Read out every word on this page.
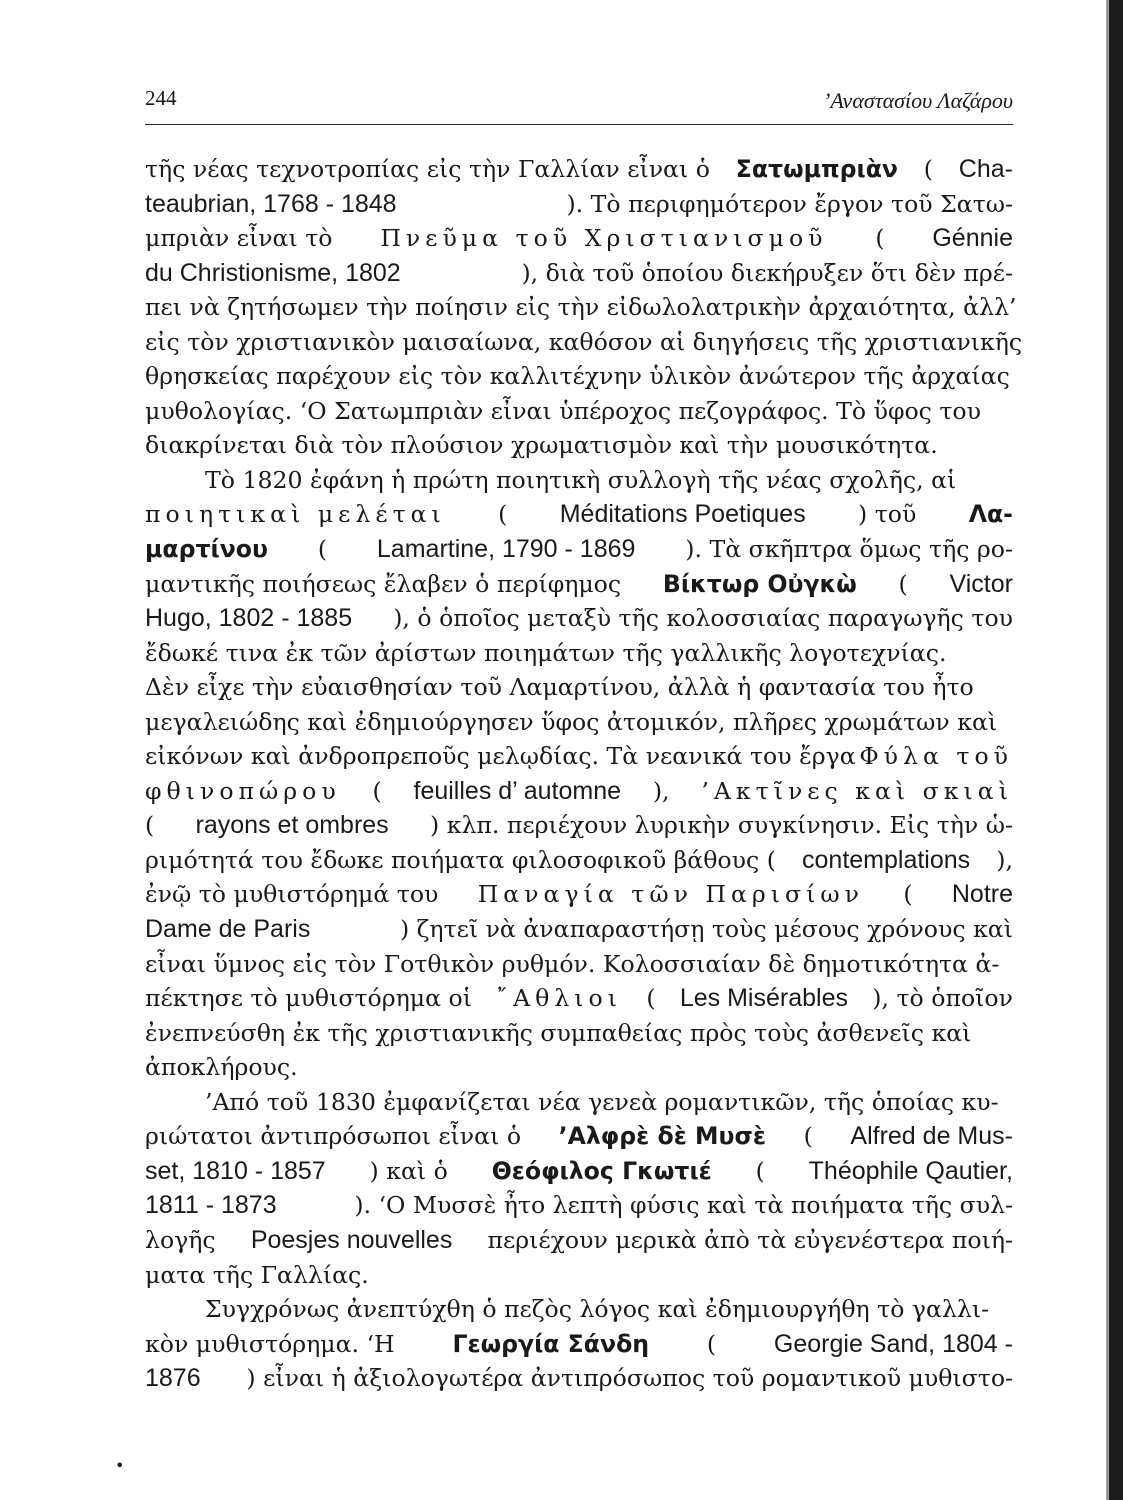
244	’Αναστασίου Λαζάρου
τῆς νέας τεχνοτροπίας εἰς τὴν Γαλλίαν εἶναι ὁ Σατωμπριὰν ( Cha-
teaubrian, 1768 - 1848	). Τὸ περιφημότερον ἔργον τοῦ Σατω-
μπριὰν εἶναι τὸ Πνεῦμα τοῦ Χριστιανισμοῦ ( Génnie
du Christionisme, 1802	), διὰ τοῦ ὁποίου διεκήρυξεν ὅτι δὲν πρέ-
πει νὰ ζητήσωμεν τὴν ποίησιν εἰς τὴν εἰδωλολατρικὴν ἀρχαιότητα, ἀλλ’
εἰς τὸν χριστιανικὸν μαισαίωνα, καθόσον αἱ διηγήσεις τῆς χριστιανικῆς
θρησκείας παρέχουν εἰς τὸν καλλιτέχνην ὑλικὸν ἀνώτερον τῆς ἀρχαίας
μυθολογίας. ‘Ο Σατωμπριὰν εἶναι ὑπέροχος πεζογράφος. Τὸ ὕφος του
διακρίνεται διὰ τὸν πλούσιον χρωματισμὸν καὶ τὴν μουσικότητα.
Τὸ 1820 ἐφάνη ἡ πρώτη ποιητικὴ συλλογὴ τῆς νέας σχολῆς, αἱ
ποιητικαὶ μελέται ( Méditations Poetiques ) τοῦ Λα-
μαρτίνου ( Lamartine, 1790 - 1869 ). Τὰ σκῆπτρα ὅμως τῆς ρο-
μαντικῆς ποιήσεως ἔλαβεν ὁ περίφημος Βίκτωρ Οὐγκὼ ( Victor
Hugo, 1802 - 1885 ), ὁ ὁποῖος μεταξὺ τῆς κολοσσιαίας παραγωγῆς του
ἔδωκέ τινα ἐκ τῶν ἀρίστων ποιημάτων τῆς γαλλικῆς λογοτεχνίας.
Δὲν εἶχε τὴν εὐαισθησίαν τοῦ Λαμαρτίνου, ἀλλὰ ἡ φαντασία του ἦτο
μεγαλειώδης καὶ ἐδημιούργησεν ὕφος ἀτομικόν, πλῆρες χρωμάτων καὶ
εἰκόνων καὶ ἀνδροπρεποῦς μελῳδίας. Τὰ νεανικά του ἔργα Φύλα τοῦ
φθινοπώρου ( feuilles d’ automne ), ’Ακτῖνες καὶ σκιαὶ
( rayons et ombres ) κλπ. περιέχουν λυρικὴν συγκίνησιν. Εἰς τὴν ὡ-
ριμότητά του ἔδωκε ποιήματα φιλοσοφικοῦ βάθους ( contemplations ),
ἐνῷ τὸ μυθιστόρημά του Παναγία τῶν Παρισίων ( Notre
Dame de Paris	) ζητεῖ νὰ ἀναπαραστήσῃ τοὺς μέσους χρόνους καὶ
εἶναι ὕμνος εἰς τὸν Γοτθικὸν ρυθμόν. Κολοσσιαίαν δὲ δημοτικότητα ἀ-
πέκτησε τὸ μυθιστόρημα οἱ ῎Αθλιοι ( Les Misérables ), τὸ ὁποῖον
ἐνεπνεύσθη ἐκ τῆς χριστιανικῆς συμπαθείας πρὸς τοὺς ἀσθενεῖς καὶ
ἀποκλήρους.
’Από τοῦ 1830 ἐμφανίζεται νέα γενεὰ ρομαντικῶν, τῆς ὁποίας κυ-
ριώτατοι ἀντιπρόσωποι εἶναι ὁ ’Αλφρὲ δὲ Μυσὲ ( Alfred de Mus-
set, 1810 - 1857 ) καὶ ὁ Θεόφιλος Γκωτιέ ( Théophile Qautier,
1811 - 1873	). ‘Ο Μυσσὲ ἦτο λεπτὴ φύσις καὶ τὰ ποιήματα τῆς συλ-
λογῆς Poesjes nouvelles περιέχουν μερικὰ ἀπὸ τὰ εὐγενέστερα ποιή-
ματα τῆς Γαλλίας.
Συγχρόνως ἀνεπτύχθη ὁ πεζὸς λόγος καὶ ἐδημιουργήθη τὸ γαλλι-
κὸν μυθιστόρημα. ‘Η Γεωργία Σάνδη ( Georgie Sand, 1804 -
1876 ) εἶναι ἡ ἀξιολογωτέρα ἀντιπρόσωπος τοῦ ρομαντικοῦ μυθιστο-
•
